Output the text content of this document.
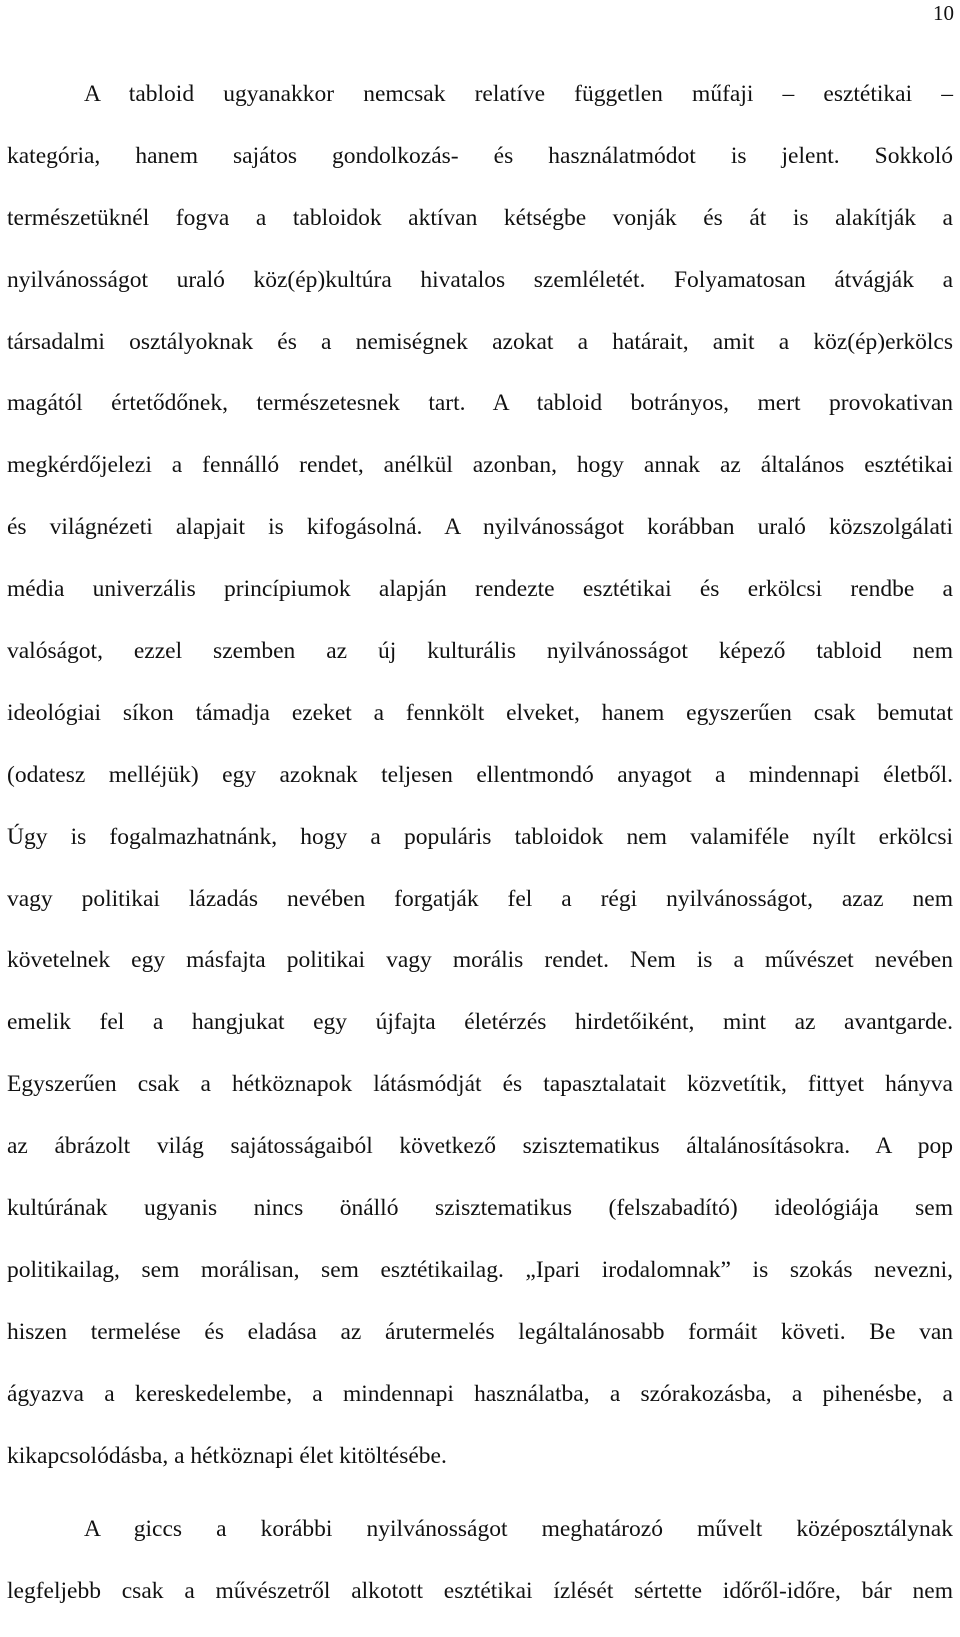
10
A tabloid ugyanakkor nemcsak relatíve független műfaji – esztétikai –
kategória, hanem sajátos gondolkozás- és használatmódot is jelent. Sokkoló
természetüknél fogva a tabloidok aktívan kétségbe vonják és át is alakítják a
nyilvánosságot uraló köz(ép)kultúra hivatalos szemléletét. Folyamatosan átvágják a
társadalmi osztályoknak és a nemiségnek azokat a határait, amit a köz(ép)erkölcs
magától értetődőnek, természetesnek tart. A tabloid botrányos, mert provokativan
megkérdőjelezi a fennálló rendet, anélkül azonban, hogy annak az általános esztétikai
és világnézeti alapjait is kifogásolná. A nyilvánosságot korábban uraló közszolgálati
média univerzális princípiumok alapján rendezte esztétikai és erkölcsi rendbe a
valóságot, ezzel szemben az új kulturális nyilvánosságot képező tabloid nem
ideológiai síkon támadja ezeket a fennkölt elveket, hanem egyszerűen csak bemutat
(odatesz melléjük) egy azoknak teljesen ellentmondó anyagot a mindennapi életből.
Úgy is fogalmazhatnánk, hogy a populáris tabloidok nem valamiféle nyílt erkölcsi
vagy politikai lázadás nevében forgatják fel a régi nyilvánosságot, azaz nem
követelnek egy másfajta politikai vagy morális rendet. Nem is a művészet nevében
emelik fel a hangjukat egy újfajta életérzés hirdetőiként, mint az avantgarde.
Egyszerűen csak a hétköznapok látásmódját és tapasztalatait közvetítik, fittyet hányva
az ábrázolt világ sajátosságaiból következő szisztematikus általánosításokra. A pop
kultúrának ugyanis nincs önálló szisztematikus (felszabadító) ideológiája sem
politikailag, sem morálisan, sem esztétikailag. „Ipari irodalomnak” is szokás nevezni,
hiszen termelése és eladása az árutermelés legáltalánosabb formáit követi. Be van
ágyazva a kereskedelembe, a mindennapi használatba, a szórakozásba, a pihenésbe, a
kikapcsolódásba, a hétköznapi élet kitöltésébe.
A giccs a korábbi nyilvánosságot meghatározó művelt középosztálynak
legfeljebb csak a művészetről alkotott esztétikai ízlését sértette időről-időre, bár nem
